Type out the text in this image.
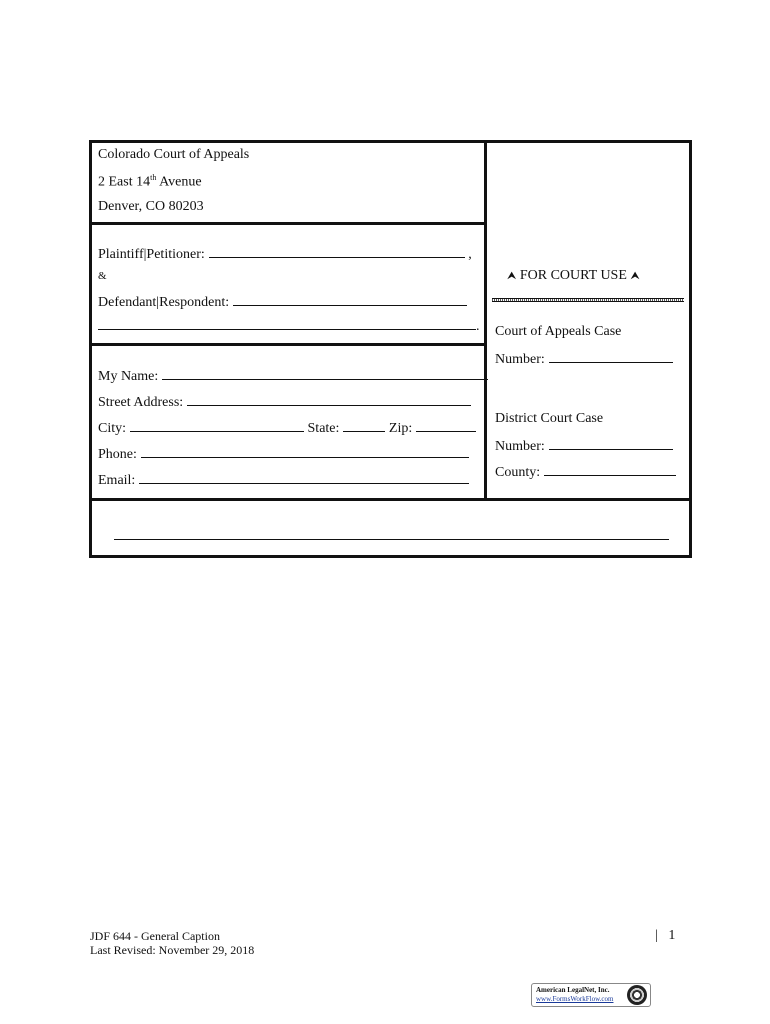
Colorado Court of Appeals
2 East 14th Avenue
Denver, CO 80203
Plaintiff|Petitioner:	,
&
Defendant|Respondent:
.
My Name:
Street Address:
City:	State:	Zip:
Phone:
Email:
⮝ FOR COURT USE ⮝
Court of Appeals Case
Number:
District Court Case
Number:
County:
JDF 644 - General Caption
Last Revised: November 29, 2018
| 1
American LegalNet, Inc.
www.FormsWorkFlow.com
